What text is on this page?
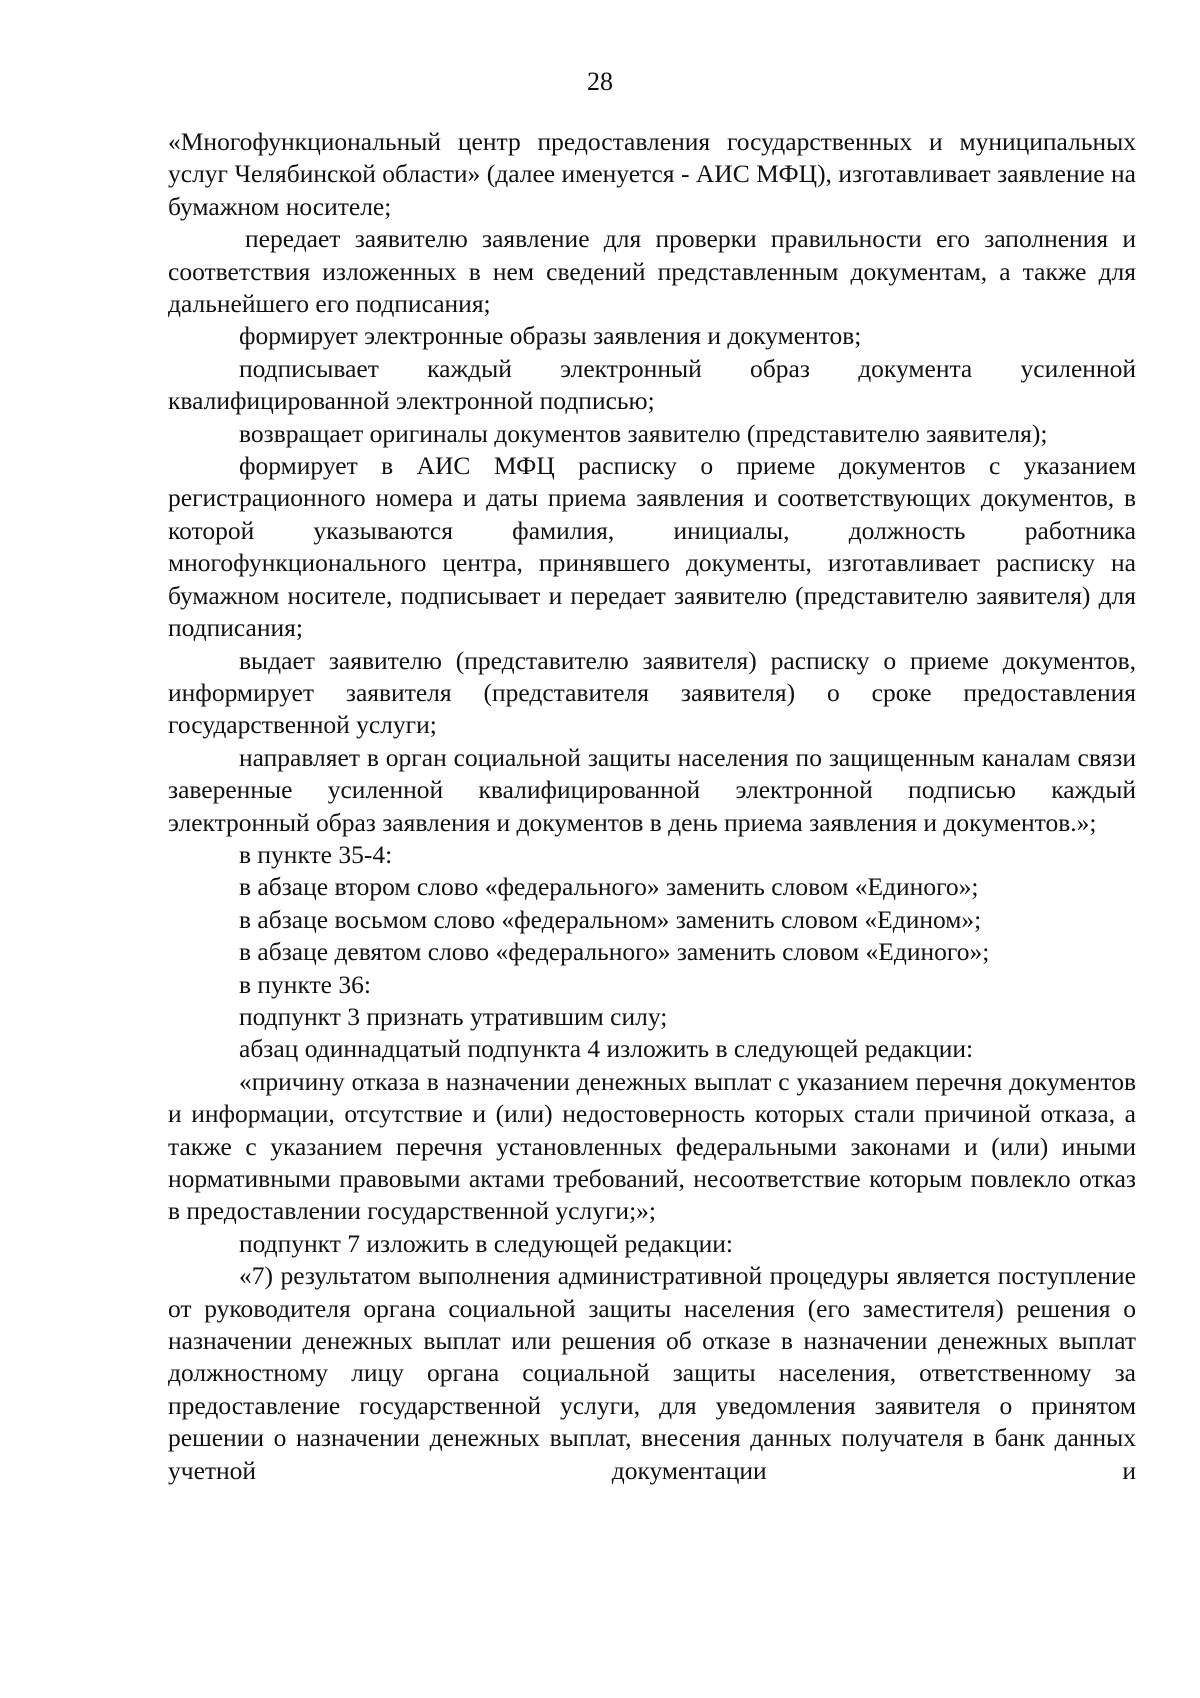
28

«Многофункциональный центр предоставления государственных и муниципальных услуг Челябинской области» (далее именуется - АИС МФЦ), изготавливает заявление на бумажном носителе;

передает заявителю заявление для проверки правильности его заполнения и соответствия изложенных в нем сведений представленным документам, а также для дальнейшего его подписания;

формирует электронные образы заявления и документов;

подписывает каждый электронный образ документа усиленной квалифицированной электронной подписью;

возвращает оригиналы документов заявителю (представителю заявителя);

формирует в АИС МФЦ расписку о приеме документов с указанием регистрационного номера и даты приема заявления и соответствующих документов, в которой указываются фамилия, инициалы, должность работника многофункционального центра, принявшего документы, изготавливает расписку на бумажном носителе, подписывает и передает заявителю (представителю заявителя) для подписания;

выдает заявителю (представителю заявителя) расписку о приеме документов, информирует заявителя (представителя заявителя) о сроке предоставления государственной услуги;

направляет в орган социальной защиты населения по защищенным каналам связи заверенные усиленной квалифицированной электронной подписью каждый электронный образ заявления и документов в день приема заявления и документов.»;

в пункте 35-4:

в абзаце втором слово «федерального» заменить словом «Единого»;

в абзаце восьмом слово «федеральном» заменить словом «Едином»;

в абзаце девятом слово «федерального» заменить словом «Единого»;

в пункте 36:

подпункт 3 признать утратившим силу;

абзац одиннадцатый подпункта 4 изложить в следующей редакции:

«причину отказа в назначении денежных выплат с указанием перечня документов и информации, отсутствие и (или) недостоверность которых стали причиной отказа, а также с указанием перечня установленных федеральными законами и (или) иными нормативными правовыми актами требований, несоответствие которым повлекло отказ в предоставлении государственной услуги;»;

подпункт 7 изложить в следующей редакции:

«7) результатом выполнения административной процедуры является поступление от руководителя органа социальной защиты населения (его заместителя) решения о назначении денежных выплат или решения об отказе в назначении денежных выплат должностному лицу органа социальной защиты населения, ответственному за предоставление государственной услуги, для уведомления заявителя о принятом решении о назначении денежных выплат, внесения данных получателя в банк данных учетной документации и
